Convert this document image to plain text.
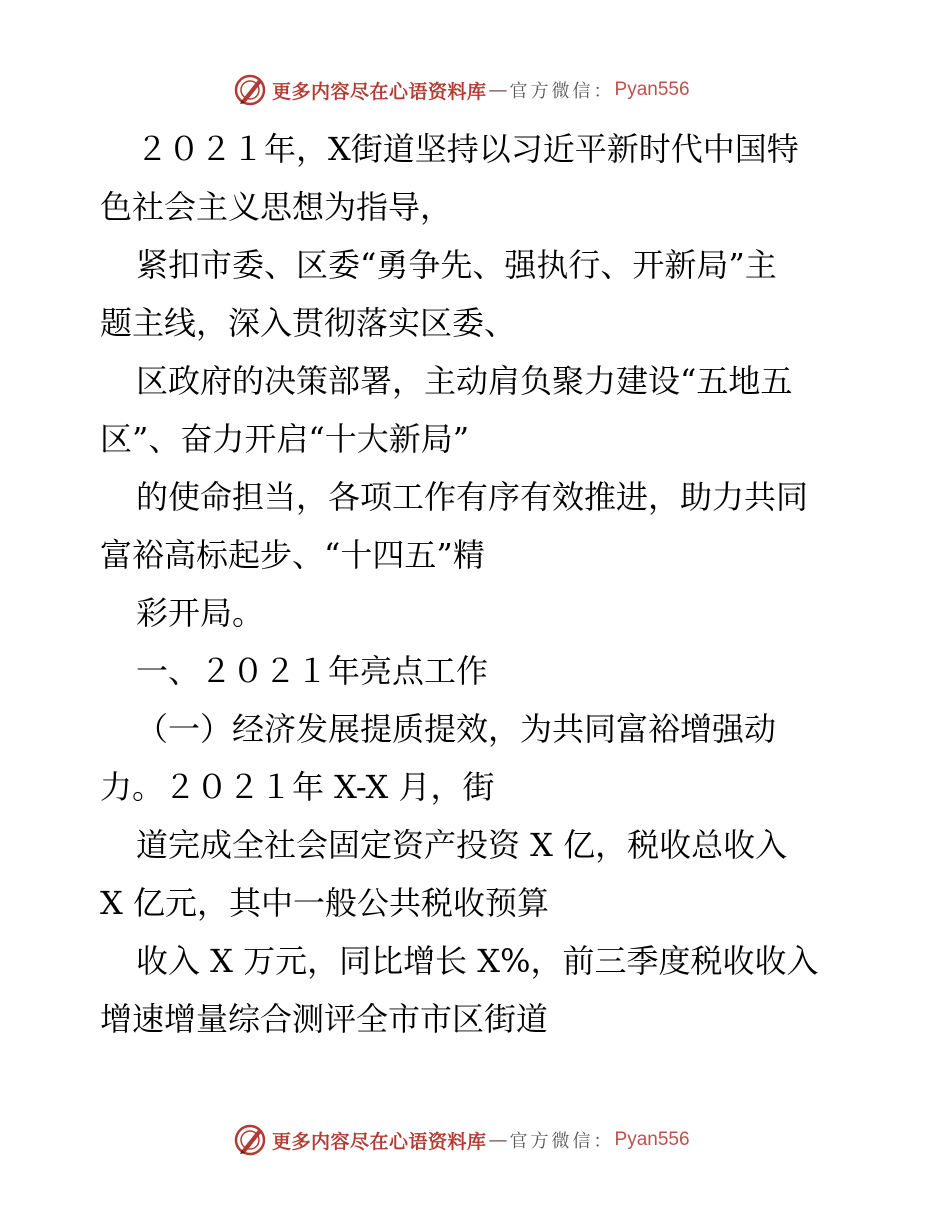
更多内容尽在心语资料库 — 官方微信： Pyan556
２０２１年，X街道坚持以习近平新时代中国特
色社会主义思想为指导，
紧扣市委、区委“勇争先、强执行、开新局”主
题主线，深入贯彻落实区委、
区政府的决策部署，主动肩负聚力建设“五地五
区”、奋力开启“十大新局”
的使命担当，各项工作有序有效推进，助力共同
富裕高标起步、“十四五”精
彩开局。
一、２０２１年亮点工作
（一）经济发展提质提效，为共同富裕增强动
力。２０２１年 X-X 月，街
道完成全社会固定资产投资 X 亿，税收总收入
X 亿元，其中一般公共税收预算
收入 X 万元，同比增长 X%，前三季度税收收入
增速增量综合测评全市市区街道
更多内容尽在心语资料库 — 官方微信： Pyan556
